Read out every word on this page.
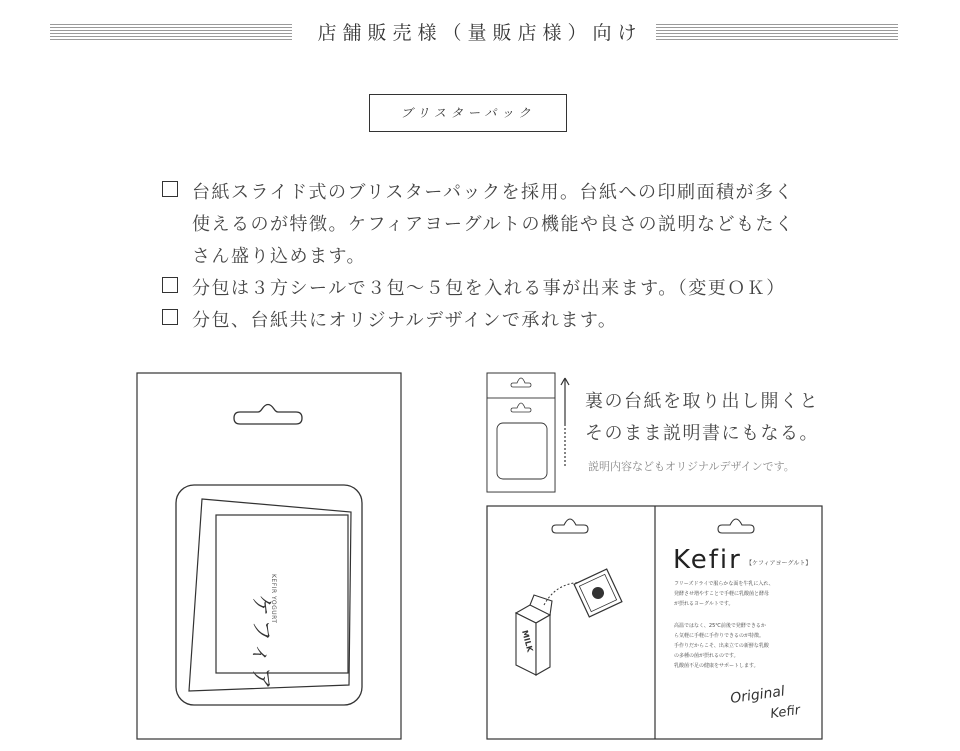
店舗販売様（量販店様）向け
ブリスターパック
台紙スライド式のブリスターパックを採用。台紙への印刷面積が多く
使えるのが特徴。ケフィアヨーグルトの機能や良さの説明などもたく
さん盛り込めます。
分包は３方シールで３包～５包を入れる事が出来ます。（変更ＯＫ）
分包、台紙共にオリジナルデザインで承れます。
ケフィア
KEFIR YOGURT
裏の台紙を取り出し開くと
そのまま説明書にもなる。
説明内容などもオリジナルデザインです。
MILK
Kefir 【ケフィアヨーグルト】
フリーズドライで服らかな面を牛乳に入れ、
発酵させ増やすことで手軽に乳酸菌と酵母
が摂れるヨーグルトです。
高温ではなく、25℃前後で発酵できるか
ら気軽に手軽に手作りできるのが特徴。
手作りだからこそ、出来立ての新鮮な乳酸
の多種の菌が摂れるのです。
乳酸菌不足の健康をサポートします。
Original
Kefir
